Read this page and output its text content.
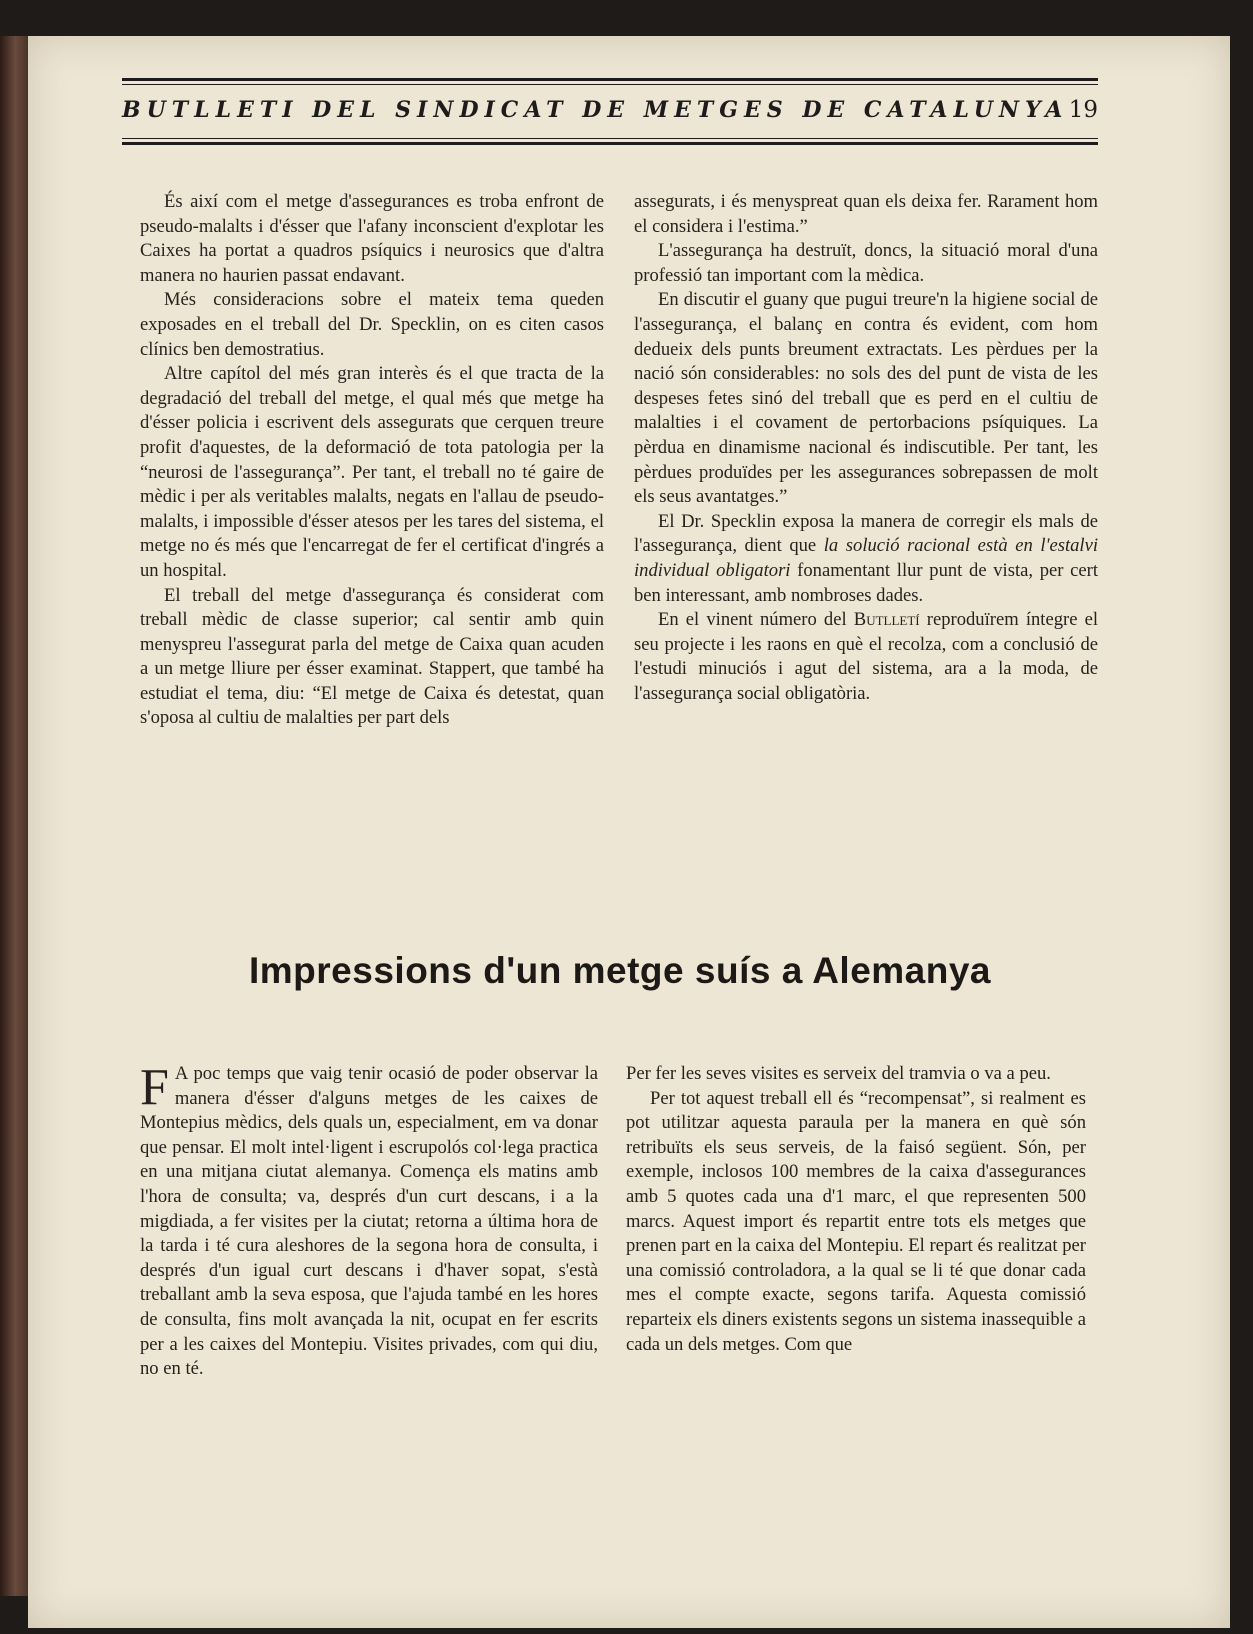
BUTLLETI DEL SINDICAT DE METGES DE CATALUNYA 19

És així com el metge d'assegurances es troba enfront de pseudo-malalts i d'ésser que l'afany inconscient d'explotar les Caixes ha portat a quadros psíquics i neurosics que d'altra manera no haurien passat endavant.

Més consideracions sobre el mateix tema queden exposades en el treball del Dr. Specklin, on es citen casos clínics ben demostratius.

Altre capítol del més gran interès és el que tracta de la degradació del treball del metge, el qual més que metge ha d'ésser policia i escrivent dels assegurats que cerquen treure profit d'aquestes, de la deformació de tota patologia per la “neurosi de l'assegurança”. Per tant, el treball no té gaire de mèdic i per als veritables malalts, negats en l'allau de pseudo-malalts, i impossible d'ésser atesos per les tares del sistema, el metge no és més que l'encarregat de fer el certificat d'ingrés a un hospital.

El treball del metge d'assegurança és considerat com treball mèdic de classe superior; cal sentir amb quin menyspreu l'assegurat parla del metge de Caixa quan acuden a un metge lliure per ésser examinat. Stappert, que també ha estudiat el tema, diu: “El metge de Caixa és detestat, quan s'oposa al cultiu de malalties per part dels

assegurats, i és menyspreat quan els deixa fer. Rarament hom el considera i l'estima.”

L'assegurança ha destruït, doncs, la situació moral d'una professió tan important com la mèdica.

En discutir el guany que pugui treure'n la higiene social de l'assegurança, el balanç en contra és evident, com hom dedueix dels punts breument extractats. Les pèrdues per la nació són considerables: no sols des del punt de vista de les despeses fetes sinó del treball que es perd en el cultiu de malalties i el covament de pertorbacions psíquiques. La pèrdua en dinamisme nacional és indiscutible. Per tant, les pèrdues produïdes per les assegurances sobrepassen de molt els seus avantatges.”

El Dr. Specklin exposa la manera de corregir els mals de l'assegurança, dient que la solució racional està en l'estalvi individual obligatori fonamentant llur punt de vista, per cert ben interessant, amb nombroses dades.

En el vinent número del Butlletí reproduïrem íntegre el seu projecte i les raons en què el recolza, com a conclusió de l'estudi minuciós i agut del sistema, ara a la moda, de l'assegurança social obligatòria.

Impressions d'un metge suís a Alemanya

F A poc temps que vaig tenir ocasió de poder observar la manera d'ésser d'alguns metges de les caixes de Montepius mèdics, dels quals un, especialment, em va donar que pensar. El molt intel·ligent i escrupolós col·lega practica en una mitjana ciutat alemanya. Comença els matins amb l'hora de consulta; va, després d'un curt descans, i a la migdiada, a fer visites per la ciutat; retorna a última hora de la tarda i té cura aleshores de la segona hora de consulta, i després d'un igual curt descans i d'haver sopat, s'està treballant amb la seva esposa, que l'ajuda també en les hores de consulta, fins molt avançada la nit, ocupat en fer escrits per a les caixes del Montepiu. Visites privades, com qui diu, no en té.

Per fer les seves visites es serveix del tramvia o va a peu.

Per tot aquest treball ell és “recompensat”, si realment es pot utilitzar aquesta paraula per la manera en què són retribuïts els seus serveis, de la faisó següent. Són, per exemple, inclosos 100 membres de la caixa d'assegurances amb 5 quotes cada una d'1 marc, el que representen 500 marcs. Aquest import és repartit entre tots els metges que prenen part en la caixa del Montepiu. El repart és realitzat per una comissió controladora, a la qual se li té que donar cada mes el compte exacte, segons tarifa. Aquesta comissió reparteix els diners existents segons un sistema inassequible a cada un dels metges. Com que
